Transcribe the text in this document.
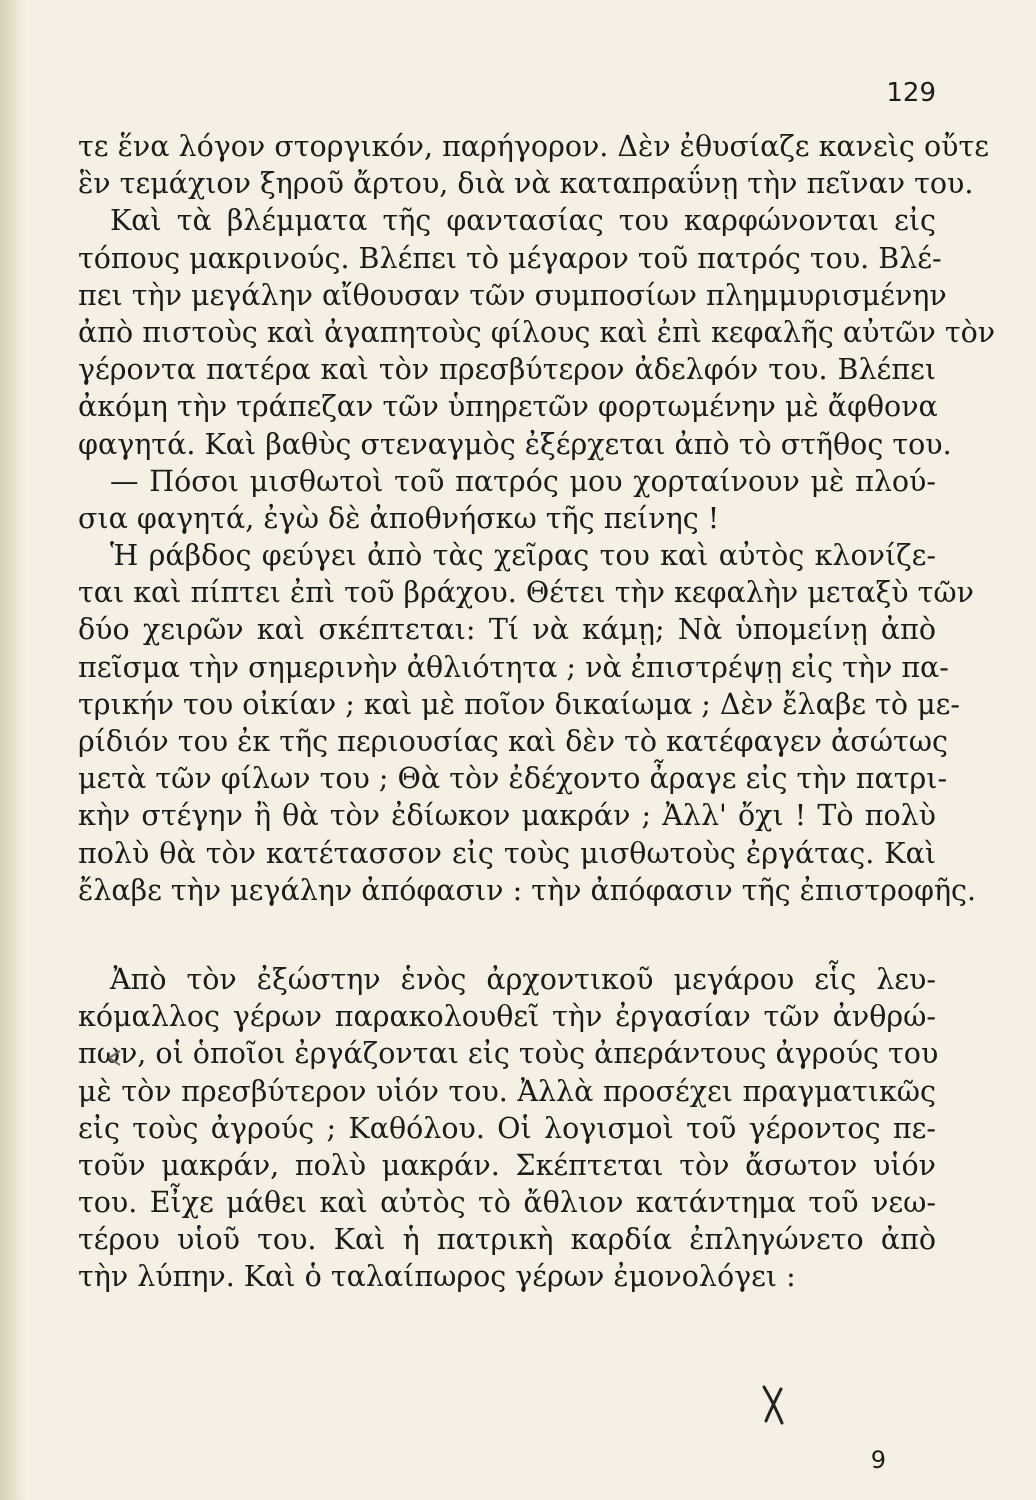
129
τε ἕνα λόγον στοργικόν, παρήγορον. Δὲν ἐθυσίαζε κανεὶς οὔτε
ἓν τεμάχιον ξηροῦ ἄρτου, διὰ νὰ καταπραΰνῃ τὴν πεῖναν του.
Καὶ τὰ βλέμματα τῆς φαντασίας του καρφώνονται εἰς
τόπους μακρινούς. Βλέπει τὸ μέγαρον τοῦ πατρός του. Βλέ-
πει τὴν μεγάλην αἴθουσαν τῶν συμποσίων πλημμυρισμένην
ἀπὸ πιστοὺς καὶ ἀγαπητοὺς φίλους καὶ ἐπὶ κεφαλῆς αὐτῶν τὸν
γέροντα πατέρα καὶ τὸν πρεσβύτερον ἀδελφόν του. Βλέπει
ἀκόμη τὴν τράπεζαν τῶν ὑπηρετῶν φορτωμένην μὲ ἄφθονα
φαγητά. Καὶ βαθὺς στεναγμὸς ἐξέρχεται ἀπὸ τὸ στῆθος του.
— Πόσοι μισθωτοὶ τοῦ πατρός μου χορταίνουν μὲ πλού-
σια φαγητά, ἐγὼ δὲ ἀποθνήσκω τῆς πείνης !
Ἡ ράβδος φεύγει ἀπὸ τὰς χεῖρας του καὶ αὐτὸς κλονίζε-
ται καὶ πίπτει ἐπὶ τοῦ βράχου. Θέτει τὴν κεφαλὴν μεταξὺ τῶν
δύο χειρῶν καὶ σκέπτεται: Τί νὰ κάμῃ; Νὰ ὑπομείνῃ ἀπὸ
πεῖσμα τὴν σημερινὴν ἀθλιότητα ; νὰ ἐπιστρέψῃ εἰς τὴν πα-
τρικήν του οἰκίαν ; καὶ μὲ ποῖον δικαίωμα ; Δὲν ἔλαβε τὸ με-
ρίδιόν του ἐκ τῆς περιουσίας καὶ δὲν τὸ κατέφαγεν ἀσώτως
μετὰ τῶν φίλων του ; Θὰ τὸν ἐδέχοντο ἆραγε εἰς τὴν πατρι-
κὴν στέγην ἢ θὰ τὸν ἐδίωκον μακράν ; Ἀλλ' ὄχι ! Τὸ πολὺ
πολὺ θὰ τὸν κατέτασσον εἰς τοὺς μισθωτοὺς ἐργάτας. Καὶ
ἔλαβε τὴν μεγάλην ἀπόφασιν : τὴν ἀπόφασιν τῆς ἐπιστροφῆς.
Ἀπὸ τὸν ἐξώστην ἑνὸς ἀρχοντικοῦ μεγάρου εἷς λευ-
κόμαλλος γέρων παρακολουθεῖ τὴν ἐργασίαν τῶν ἀνθρώ-
πων, οἱ ὁποῖοι ἐργάζονται εἰς τοὺς ἀπεράντους ἀγρούς του
μὲ τὸν πρεσβύτερον υἱόν του. Ἀλλὰ προσέχει πραγματικῶς
εἰς τοὺς ἀγρούς ; Καθόλου. Οἱ λογισμοὶ τοῦ γέροντος πε-
τοῦν μακράν, πολὺ μακράν. Σκέπτεται τὸν ἄσωτον υἱόν
του. Εἶχε μάθει καὶ αὐτὸς τὸ ἄθλιον κατάντημα τοῦ νεω-
τέρου υἱοῦ του. Καὶ ἡ πατρικὴ καρδία ἐπληγώνετο ἀπὸ
τὴν λύπην. Καὶ ὁ ταλαίπωρος γέρων ἐμονολόγει :
9
